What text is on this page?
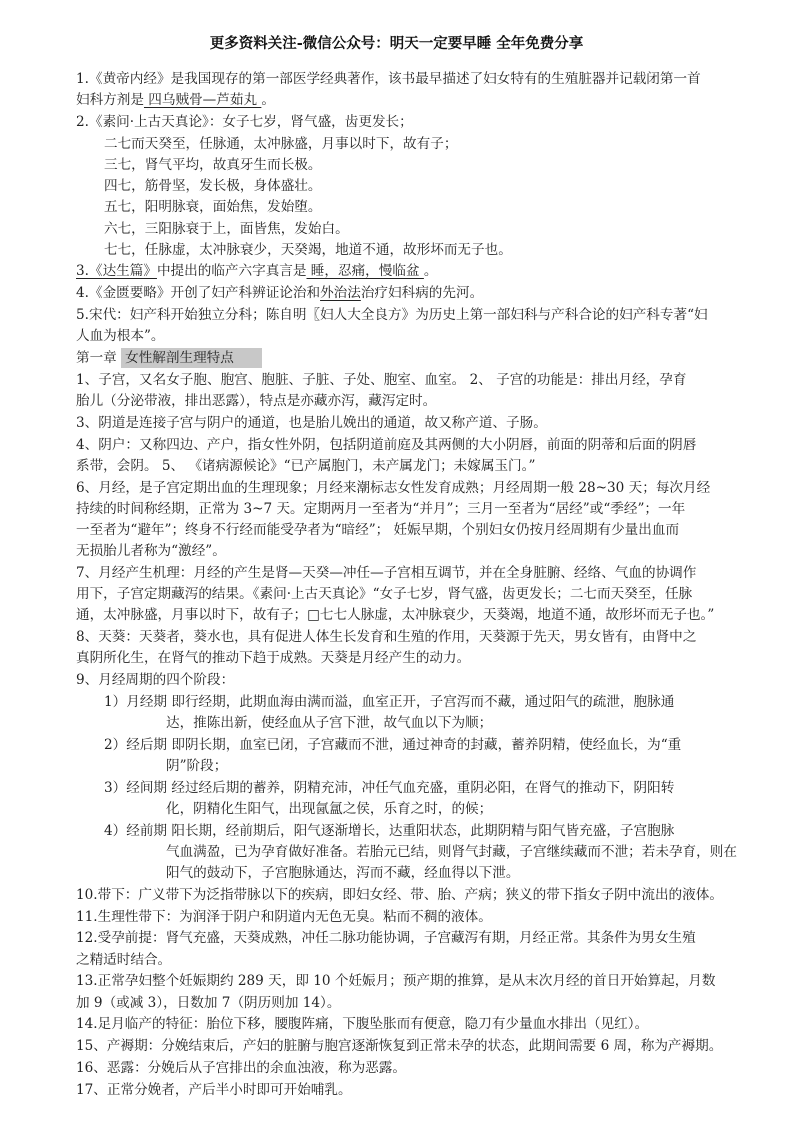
更多资料关注-微信公众号：明天一定要早睡 全年免费分享
1.《黄帝内经》是我国现存的第一部医学经典著作，该书最早描述了妇女特有的生殖脏器并记载闭第一首
妇科方剂是 四乌贼骨—芦茹丸 。
2.《素问·上古天真论》：女子七岁，肾气盛，齿更发长；
二七而天癸至，任脉通，太冲脉盛，月事以时下，故有子；
三七，肾气平均，故真牙生而长极。
四七，筋骨坚，发长极，身体盛壮。
五七，阳明脉衰，面始焦，发始堕。
六七，三阳脉衰于上，面皆焦，发始白。
七七，任脉虚，太冲脉衰少，天癸竭，地道不通，故形坏而无子也。
3.《达生篇》中提出的临产六字真言是 睡，忍痛，慢临盆 。
4.《金匮要略》开创了妇产科辨证论治和外治法治疗妇科病的先河。
5.宋代：妇产科开始独立分科；陈自明〖妇人大全良方》为历史上第一部妇科与产科合论的妇产科专著“妇
人血为根本”。
第一章 女性解剖生理特点
1、子宫，又名女子胞、胞宫、胞脏、子脏、子处、胞室、血室。 2、 子宫的功能是：排出月经，孕育
胎儿（分泌带液，排出恶露），特点是亦藏亦泻，藏泻定时。
3、阴道是连接子宫与阴户的通道，也是胎儿娩出的通道，故又称产道、子肠。
4、阴户：又称四边、产户，指女性外阴，包括阴道前庭及其两侧的大小阴唇，前面的阴蒂和后面的阴唇
系带，会阴。 5、 《诸病源候论》“已产属胞门，未产属龙门；未嫁属玉门。”
6、月经，是子宫定期出血的生理现象；月经来潮标志女性发育成熟；月经周期一般 28~30 天；每次月经
持续的时间称经期，正常为 3~7 天。定期两月一至者为“并月”；三月一至者为“居经”或“季经”；一年
一至者为“避年”；终身不行经而能受孕者为“暗经”； 妊娠早期，个别妇女仍按月经周期有少量出血而
无损胎儿者称为“激经”。
7、月经产生机理：月经的产生是肾—天癸—冲任—子宫相互调节，并在全身脏腑、经络、气血的协调作
用下，子宫定期藏泻的结果。《素问·上古天真论》“女子七岁，肾气盛，齿更发长；二七而天癸至，任脉
通，太冲脉盛，月事以时下，故有子；□七七人脉虚，太冲脉衰少，天葵竭，地道不通，故形坏而无子也。”
8、天葵：天葵者，葵水也，具有促进人体生长发育和生殖的作用，天葵源于先天，男女皆有，由肾中之
真阴所化生，在肾气的推动下趋于成熟。天葵是月经产生的动力。
9、月经周期的四个阶段：
1）月经期 即行经期，此期血海由满而溢，血室正开，子宫泻而不藏，通过阳气的疏泄，胞脉通
达，推陈出新，使经血从子宫下泄，故气血以下为顺；
2）经后期 即阴长期，血室已闭，子宫藏而不泄，通过神奇的封藏，蓄养阴精，使经血长，为“重
阴”阶段；
3）经间期 经过经后期的蓄养，阴精充沛，冲任气血充盛，重阴必阳，在肾气的推动下，阴阳转
化，阴精化生阳气，出现氤氲之侯，乐育之时，的候；
4）经前期 阳长期，经前期后，阳气逐渐增长，达重阳状态，此期阴精与阳气皆充盛，子宫胞脉
气血满盈，已为孕育做好准备。若胎元已结，则肾气封藏，子宫继续藏而不泄；若未孕育，则在
阳气的鼓动下，子宫胞脉通达，泻而不藏，经血得以下泄。
10.带下：广义带下为泛指带脉以下的疾病，即妇女经、带、胎、产病；狭义的带下指女子阴中流出的液体。
11.生理性带下：为润泽于阴户和阴道内无色无臭。粘而不稠的液体。
12.受孕前提：肾气充盛，天葵成熟，冲任二脉功能协调，子宫藏泻有期，月经正常。其条件为男女生殖
之精适时结合。
13.正常孕妇整个妊娠期约 289 天，即 10 个妊娠月；预产期的推算，是从末次月经的首日开始算起，月数
加 9（或减 3），日数加 7（阴历则加 14）。
14.足月临产的特征：胎位下移，腰腹阵痛，下腹坠胀而有便意，隐刀有少量血水排出（见红）。
15、产褥期：分娩结束后，产妇的脏腑与胞宫逐渐恢复到正常未孕的状态，此期间需要 6 周，称为产褥期。
16、恶露：分娩后从子宫排出的余血浊液，称为恶露。
17、正常分娩者，产后半小时即可开始哺乳。
